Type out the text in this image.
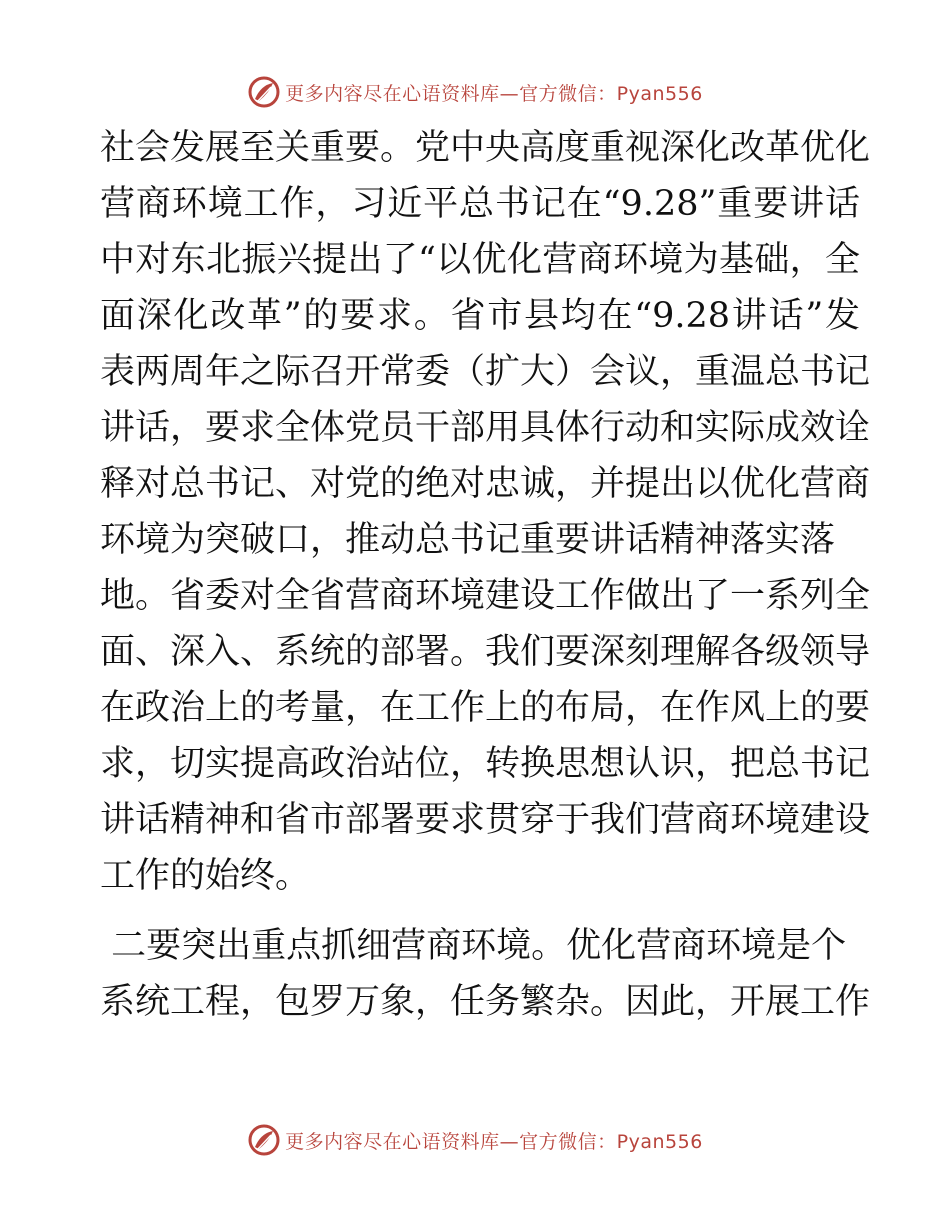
更多内容尽在心语资料库—官方微信：Pyan556
社会发展至关重要。党中央高度重视深化改革优化
营商环境工作，习近平总书记在“9.28”重要讲话
中对东北振兴提出了“以优化营商环境为基础，全
面深化改革”的要求。省市县均在“9.28讲话”发
表两周年之际召开常委（扩大）会议，重温总书记
讲话，要求全体党员干部用具体行动和实际成效诠
释对总书记、对党的绝对忠诚，并提出以优化营商
环境为突破口，推动总书记重要讲话精神落实落
地。省委对全省营商环境建设工作做出了一系列全
面、深入、系统的部署。我们要深刻理解各级领导
在政治上的考量，在工作上的布局，在作风上的要
求，切实提高政治站位，转换思想认识，把总书记
讲话精神和省市部署要求贯穿于我们营商环境建设
工作的始终。
二要突出重点抓细营商环境。优化营商环境是个
系统工程，包罗万象，任务繁杂。因此，开展工作
更多内容尽在心语资料库—官方微信：Pyan556
